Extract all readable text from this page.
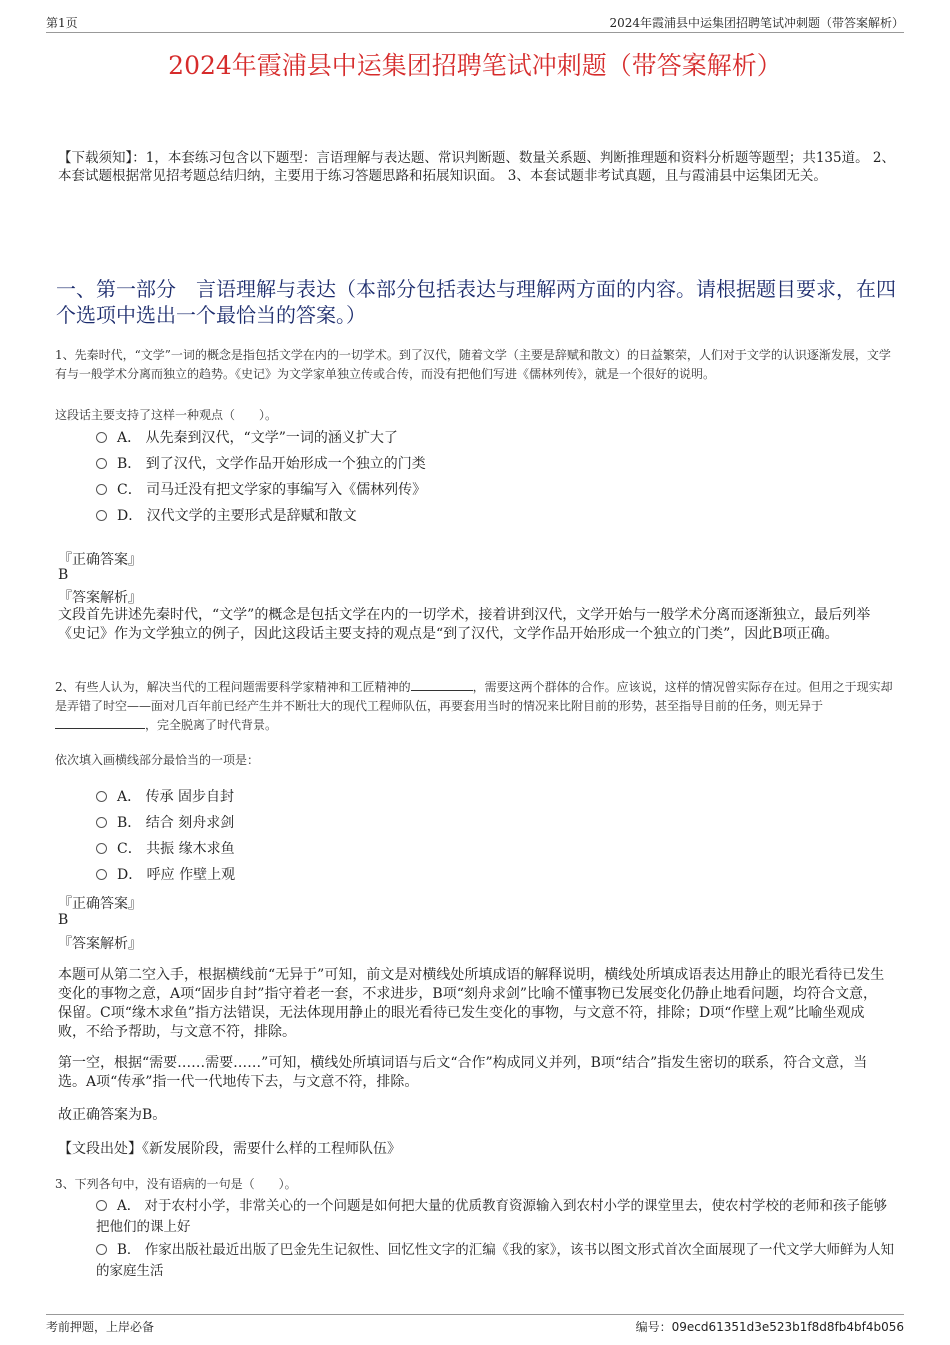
第1页	2024年霞浦县中运集团招聘笔试冲刺题（带答案解析）
2024年霞浦县中运集团招聘笔试冲刺题（带答案解析）
【下载须知】：1，本套练习包含以下题型：言语理解与表达题、常识判断题、数量关系题、判断推理题和资料分析题等题型；共135道。 2、本套试题根据常见招考题总结归纳，主要用于练习答题思路和拓展知识面。 3、本套试题非考试真题，且与霞浦县中运集团无关。
一、第一部分　言语理解与表达（本部分包括表达与理解两方面的内容。请根据题目要求，在四个选项中选出一个最恰当的答案。）
1、先秦时代，“文学”一词的概念是指包括文学在内的一切学术。到了汉代，随着文学（主要是辞赋和散文）的日益繁荣，人们对于文学的认识逐渐发展，文学有与一般学术分离而独立的趋势。《史记》为文学家单独立传或合传，而没有把他们写进《儒林列传》，就是一个很好的说明。
这段话主要支持了这样一种观点（　　）。
A． 从先秦到汉代，“文学”一词的涵义扩大了
B． 到了汉代，文学作品开始形成一个独立的门类
C． 司马迁没有把文学家的事编写入《儒林列传》
D． 汉代文学的主要形式是辞赋和散文
『正确答案』
B
『答案解析』
文段首先讲述先秦时代，“文学”的概念是包括文学在内的一切学术，接着讲到汉代，文学开始与一般学术分离而逐渐独立，最后列举《史记》作为文学独立的例子，因此这段话主要支持的观点是“到了汉代，文学作品开始形成一个独立的门类”，因此B项正确。
2、有些人认为，解决当代的工程问题需要科学家精神和工匠精神的	，需要这两个群体的合作。应该说，这样的情况曾实际存在过。但用之于现实却是弄错了时空——面对几百年前已经产生并不断壮大的现代工程师队伍，再要套用当时的情况来比附目前的形势，甚至指导目前的任务，则无异于，完全脱离了时代背景。
依次填入画横线部分最恰当的一项是：
A． 传承 固步自封
B． 结合 刻舟求剑
C． 共振 缘木求鱼
D． 呼应 作壁上观
『正确答案』
B
『答案解析』
本题可从第二空入手，根据横线前“无异于”可知，前文是对横线处所填成语的解释说明，横线处所填成语表达用静止的眼光看待已发生变化的事物之意，A项“固步自封”指守着老一套，不求进步，B项“刻舟求剑”比喻不懂事物已发展变化仍静止地看问题，均符合文意，保留。C项“缘木求鱼”指方法错误，无法体现用静止的眼光看待已发生变化的事物，与文意不符，排除；D项“作壁上观”比喻坐观成败，不给予帮助，与文意不符，排除。
第一空，根据“需要……需要……”可知，横线处所填词语与后文“合作”构成同义并列，B项“结合”指发生密切的联系，符合文意，当选。A项“传承”指一代一代地传下去，与文意不符，排除。
故正确答案为B。
【文段出处】《新发展阶段，需要什么样的工程师队伍》
3、下列各句中，没有语病的一句是（　　）。
A． 对于农村小学，非常关心的一个问题是如何把大量的优质教育资源输入到农村小学的课堂里去，使农村学校的老师和孩子能够把他们的课上好
B． 作家出版社最近出版了巴金先生记叙性、回忆性文字的汇编《我的家》，该书以图文形式首次全面展现了一代文学大师鲜为人知的家庭生活
考前押题，上岸必备	编号：09ecd61351d3e523b1f8d8fb4bf4b056
